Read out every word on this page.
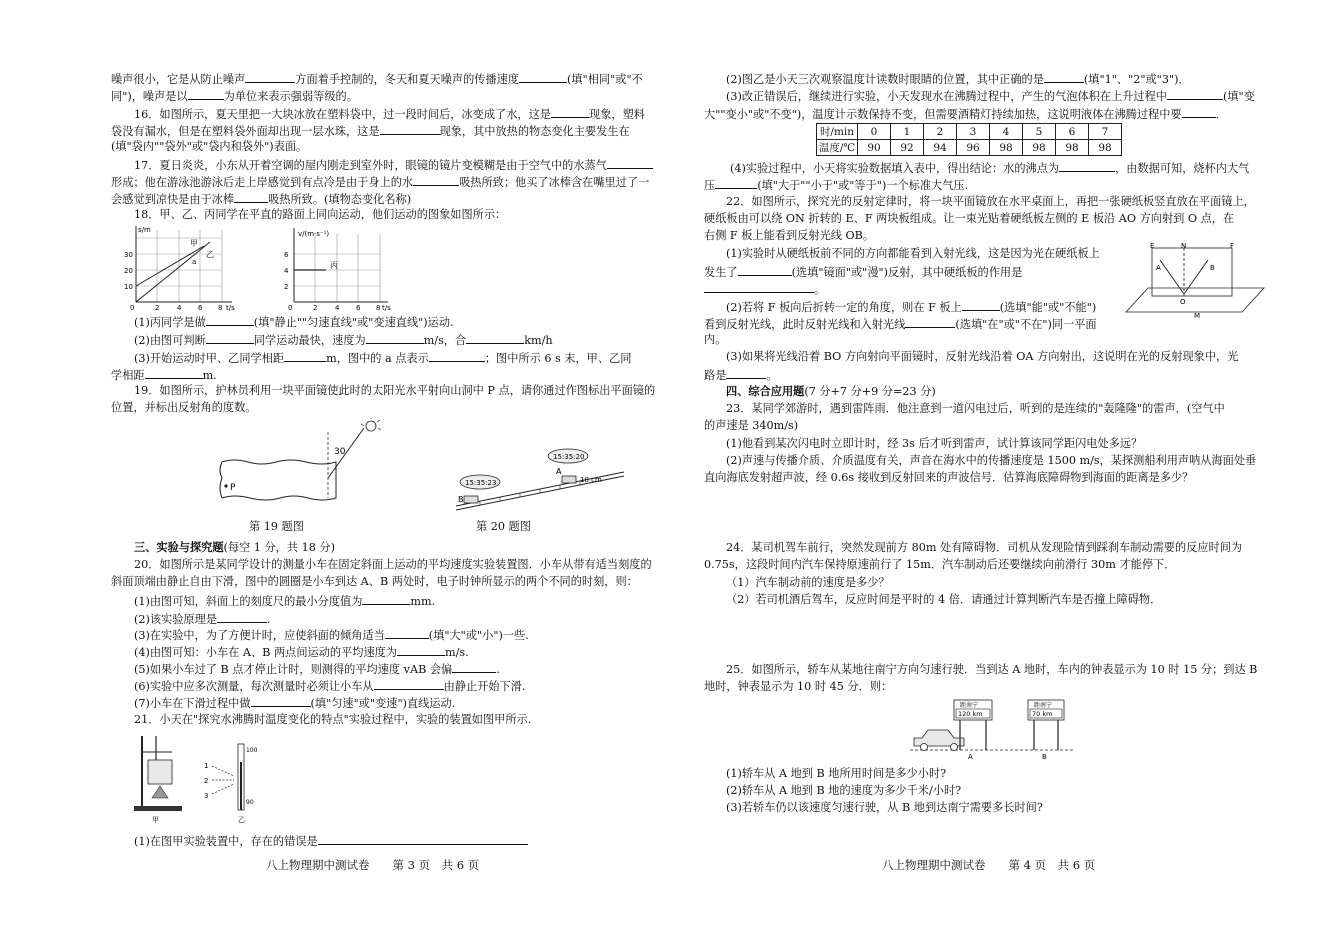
噪声很小，它是从防止噪声	方面着手控制的，冬天和夏天噪声的传播速度	(填"相同"或"不
同")，噪声是以	为单位来表示强弱等级的。
16．如图所示，夏天里把一大块冰放在塑料袋中，过一段时间后，冰变成了水，这是	现象，塑料
袋没有漏水，但是在塑料袋外面却出现一层水珠，这是	现象，其中放热的物态变化主要发生在
(填"袋内""袋外"或"袋内和袋外")表面。
17．夏日炎炎，小东从开着空调的屋内刚走到室外时，眼镜的镜片变模糊是由于空气中的水蒸气
形成；他在游泳池游泳后走上岸感觉到有点冷是由于身上的水	吸热所致；他买了冰棒含在嘴里过了一
会感觉到凉快是由于冰棒	吸热所致。(填物态变化名称)
18．甲、乙、丙同学在平直的路面上同向运动，他们运动的图象如图所示：
s/m
t/s
30
20
10
0	2	4 6 8
甲
乙
a
v/(m·s⁻¹)
t/s
6
4
2
0	2	4 6 8
丙
(1)丙同学是做	(填"静止""匀速直线"或"变速直线")运动.
(2)由图可判断	同学运动最快，速度为	m/s，合	km/h
(3)开始运动时甲、乙同学相距	m，图中的 a 点表示	；图中所示 6 s 末，甲、乙同
学相距	m.
19．如图所示，护林员利用一块平面镜使此时的太阳光水平射向山洞中 P 点，请你通过作图标出平面镜的
位置，并标出反射角的度数。
P
30
15:35:23
15:35:20
B
A
10 cm
第 19 题图	第 20 题图
三、实验与探究题(每空 1 分，共 18 分)
20．如图所示是某同学设计的测量小车在固定斜面上运动的平均速度实验装置图．小车从带有适当刻度的
斜面顶端由静止自由下滑，图中的圆圈是小车到达 A、B 两处时，电子时钟所显示的两个不同的时刻，则：
(1)由图可知，斜面上的刻度尺的最小分度值为	mm.
(2)该实验原理是	.
(3)在实验中，为了方便计时，应使斜面的倾角适当	(填"大"或"小")一些.
(4)由图可知：小车在 A、B 两点间运动的平均速度为	m/s.
(5)如果小车过了 B 点才停止计时，则测得的平均速度 vAB 会偏	.
(6)实验中应多次测量，每次测量时必须让小车从	由静止开始下滑.
(7)小车在下滑过程中做	(填"匀速"或"变速")直线运动.
21．小天在"探究水沸腾时温度变化的特点"实验过程中，实验的装置如图甲所示.
甲
100
90
1
2
3
乙
(1)在图甲实验装置中，存在的错误是
八上物理期中测试卷　　第 3 页　共 6 页
(2)图乙是小天三次观察温度计读数时眼睛的位置，其中正确的是	(填"1"、"2"或"3")．
(3)改正错误后，继续进行实验，小天发现水在沸腾过程中，产生的气泡体积在上升过程中	(填"变
大""变小"或"不变")，温度计示数保持不变，但需要酒精灯持续加热，这说明液体在沸腾过程中要	．
时/min	0	1	2	3	4	5	6	7
温度/℃	90	92	94	96	98	98	98	98
(4)实验过程中，小天将实验数据填入表中，得出结论：水的沸点为	，由数据可知，烧杯内大气
压	(填"大于""小于"或"等于")一个标准大气压.
22．如图所示，探究光的反射定律时，将一块平面镜放在水平桌面上，再把一张硬纸板竖直放在平面镜上，
硬纸板由可以绕 ON 折转的 E、F 两块板组成。让一束光贴着硬纸板左侧的 E 板沿 AO 方向射到 O 点，在
右侧 F 板上能看到反射光线 OB。
(1)实验时从硬纸板前不同的方向都能看到入射光线，这是因为光在硬纸板上
发生了	(选填"镜面"或"漫")反射，其中硬纸板的作用是
。
(2)若将 F 板向后折转一定的角度，则在 F 板上	(选填"能"或"不能")
看到反射光线，此时反射光线和入射光线	(选填"在"或"不在")同一平面
内。
E	N	F
A	B
O
M
(3)如果将光线沿着 BO 方向射向平面镜时，反射光线沿着 OA 方向射出，这说明在光的反射现象中，光
路是	。
四、综合应用题(7 分+7 分+9 分=23 分)
23．某同学郊游时，遇到雷阵雨．他注意到一道闪电过后，听到的是连续的"轰隆隆"的雷声．(空气中
的声速是 340m/s)
(1)他看到某次闪电时立即计时，经 3s 后才听到雷声，试计算该同学距闪电处多远？
(2)声速与传播介质、介质温度有关，声音在海水中的传播速度是 1500 m/s，某探测船利用声呐从海面处垂
直向海底发射超声波，经 0.6s 接收到反射回来的声波信号．估算海底障碍物到海面的距离是多少？
24．某司机驾车前行，突然发现前方 80m 处有障碍物．司机从发现险情到踩刹车制动需要的反应时间为
0.75s，这段时间内汽车保持原速前行了 15m．汽车制动后还要继续向前滑行 30m 才能停下．
（1）汽车制动前的速度是多少？
（2）若司机酒后驾车，反应时间是平时的 4 倍．请通过计算判断汽车是否撞上障碍物．
25．如图所示，轿车从某地往南宁方向匀速行驶．当到达 A 地时，车内的钟表显示为 10 时 15 分；到达 B
地时，钟表显示为 10 时 45 分．则：
距南宁
120 km
距南宁
70 km
A	B
(1)轿车从 A 地到 B 地所用时间是多少小时?
(2)轿车从 A 地到 B 地的速度为多少千米/小时?
(3)若轿车仍以该速度匀速行驶，从 B 地到达南宁需要多长时间?
八上物理期中测试卷　　第 4 页　共 6 页
